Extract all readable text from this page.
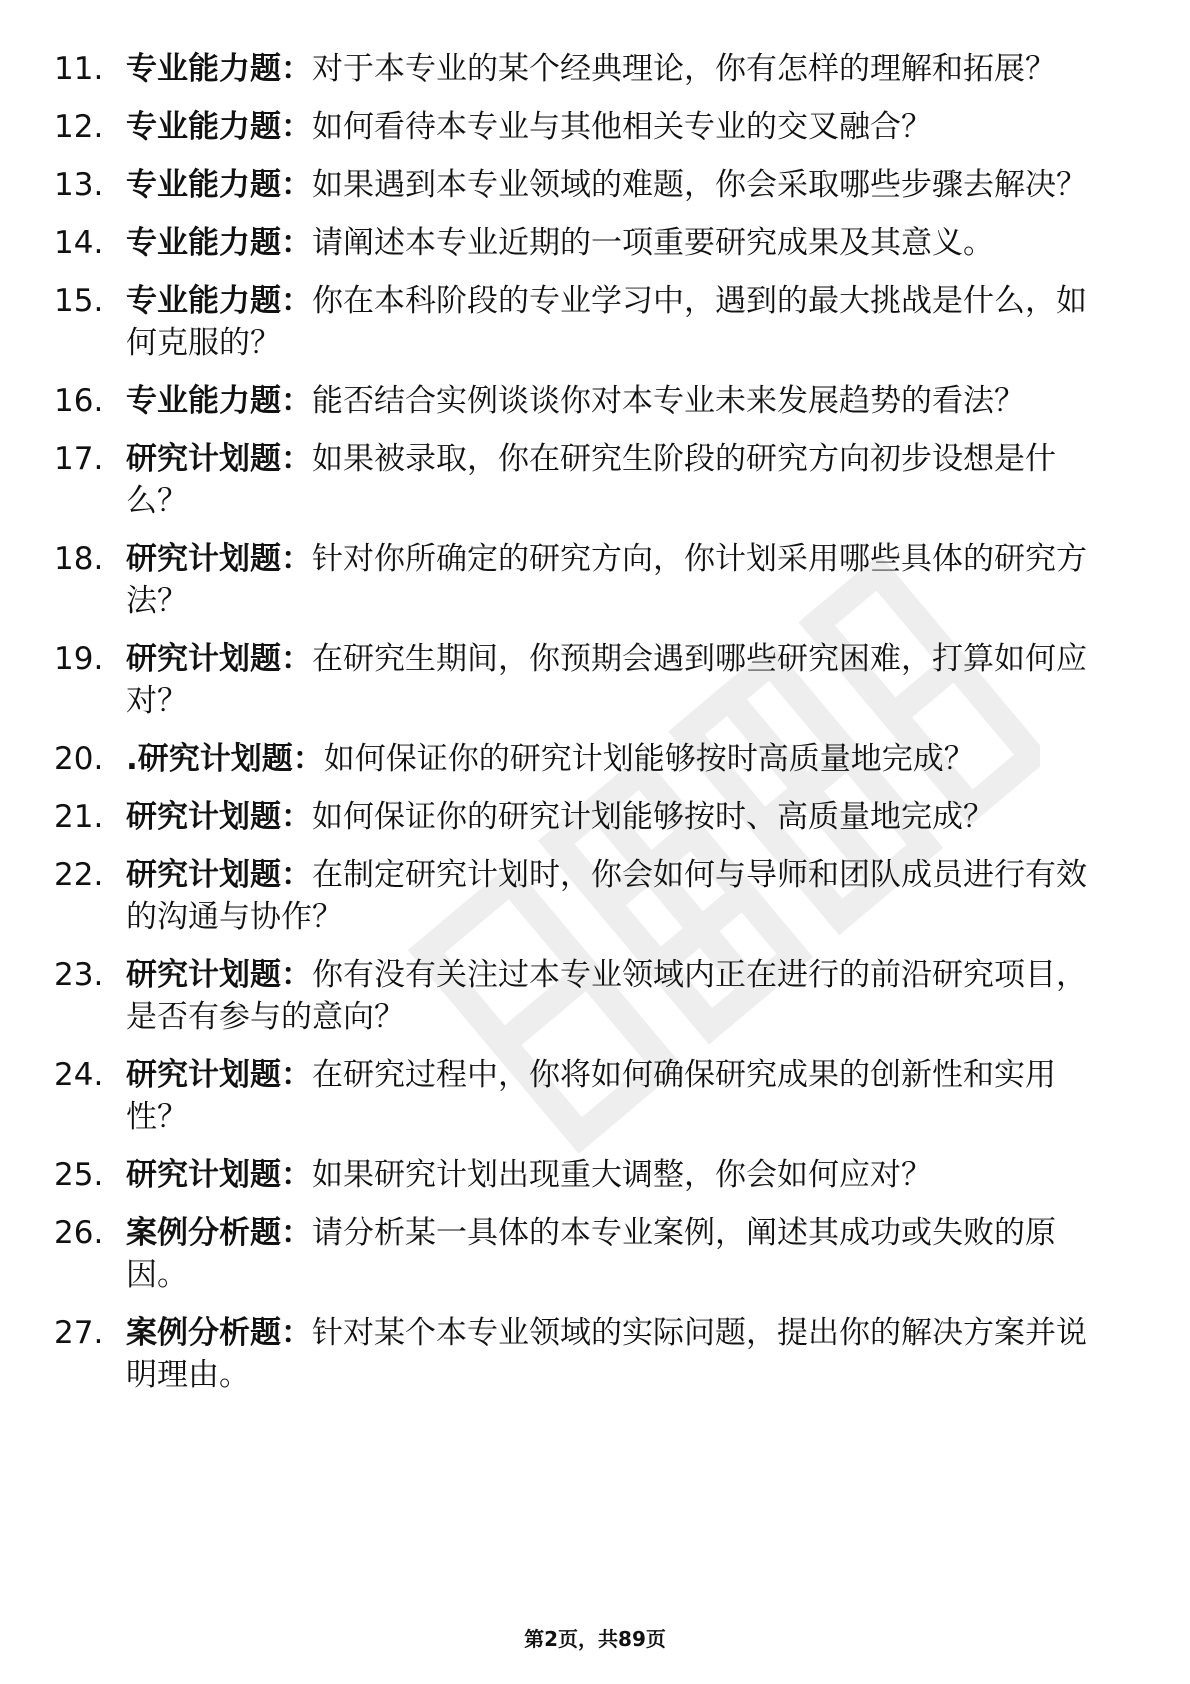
11. 专业能力题：对于本专业的某个经典理论，你有怎样的理解和拓展？
12. 专业能力题：如何看待本专业与其他相关专业的交叉融合？
13. 专业能力题：如果遇到本专业领域的难题，你会采取哪些步骤去解决？
14. 专业能力题：请阐述本专业近期的一项重要研究成果及其意义。
15. 专业能力题：你在本科阶段的专业学习中，遇到的最大挑战是什么，如何克服的？
16. 专业能力题：能否结合实例谈谈你对本专业未来发展趋势的看法？
17. 研究计划题：如果被录取，你在研究生阶段的研究方向初步设想是什么？
18. 研究计划题：针对你所确定的研究方向，你计划采用哪些具体的研究方法？
19. 研究计划题：在研究生期间，你预期会遇到哪些研究困难，打算如何应对？
20. .研究计划题：如何保证你的研究计划能够按时高质量地完成？
21. 研究计划题：如何保证你的研究计划能够按时、高质量地完成？
22. 研究计划题：在制定研究计划时，你会如何与导师和团队成员进行有效的沟通与协作？
23. 研究计划题：你有没有关注过本专业领域内正在进行的前沿研究项目，是否有参与的意向？
24. 研究计划题：在研究过程中，你将如何确保研究成果的创新性和实用性？
25. 研究计划题：如果研究计划出现重大调整，你会如何应对？
26. 案例分析题：请分析某一具体的本专业案例，阐述其成功或失败的原因。
27. 案例分析题：针对某个本专业领域的实际问题，提出你的解决方案并说明理由。
第2页，共89页
